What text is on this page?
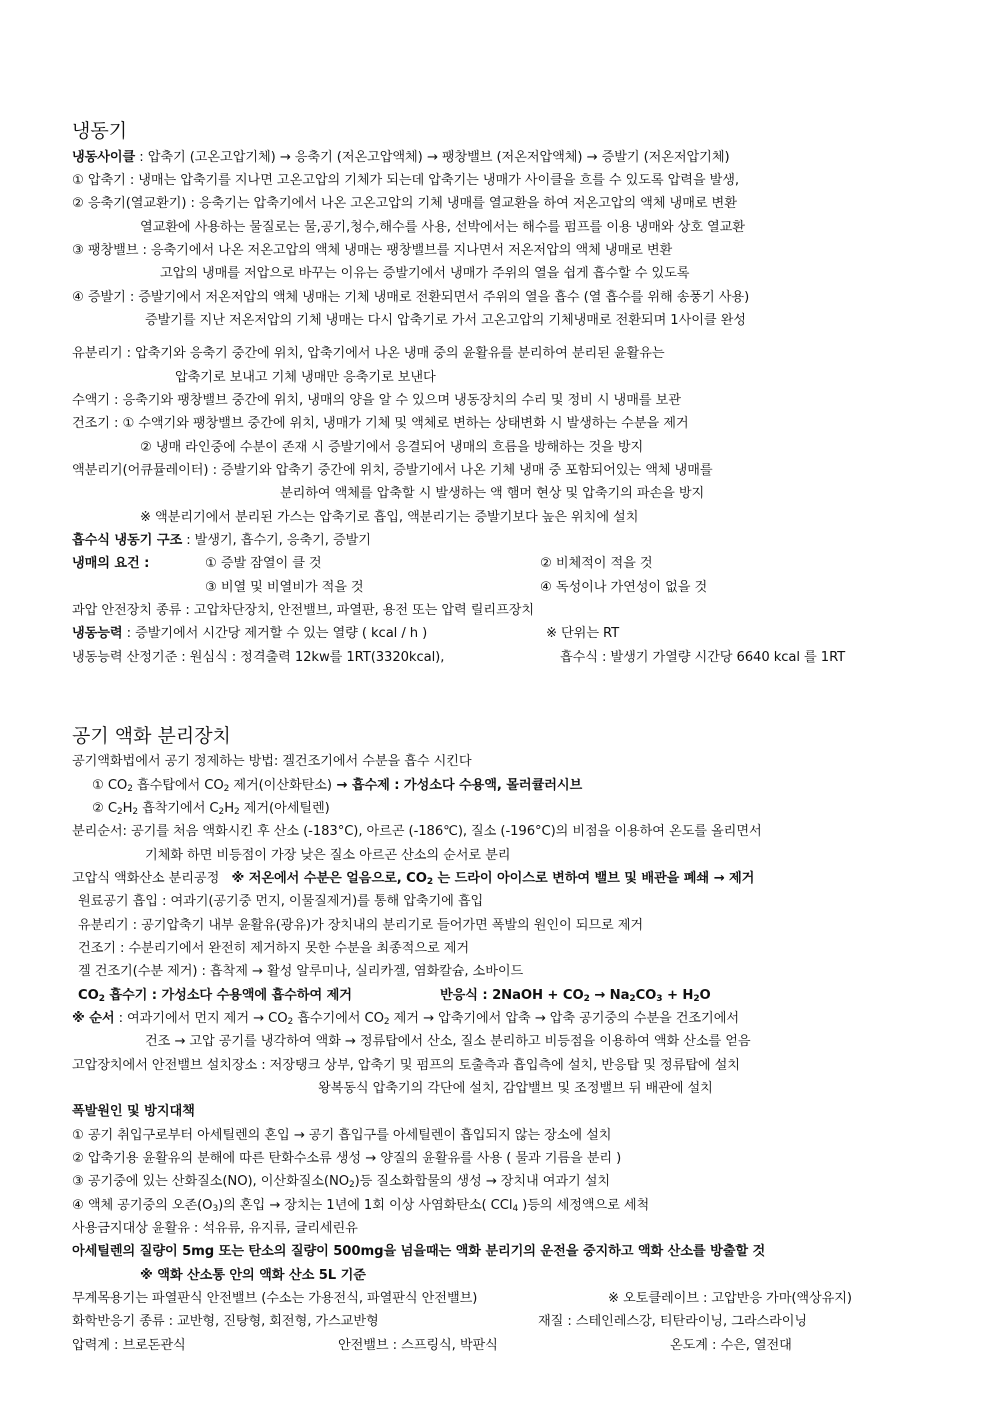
냉동기
냉동사이클 : 압축기 (고온고압기체) → 응축기 (저온고압액체) → 팽창밸브 (저온저압액체) → 증발기 (저온저압기체)
① 압축기 : 냉매는 압축기를 지나면 고온고압의 기체가 되는데 압축기는 냉매가 사이클을 흐를 수 있도록 압력을 발생,
② 응축기(열교환기) : 응축기는 압축기에서 나온 고온고압의 기체 냉매를 열교환을 하여 저온고압의 액체 냉매로 변환
열교환에 사용하는 물질로는 물,공기,청수,해수를 사용, 선박에서는 해수를 펌프를 이용 냉매와 상호 열교환
③ 팽창밸브 : 응축기에서 나온 저온고압의 액체 냉매는 팽창밸브를 지나면서 저온저압의 액체 냉매로 변환
고압의 냉매를 저압으로 바꾸는 이유는 증발기에서 냉매가 주위의 열을 쉽게 흡수할 수 있도록
④ 증발기 : 증발기에서 저온저압의 액체 냉매는 기체 냉매로 전환되면서 주위의 열을 흡수 (열 흡수를 위해 송풍기 사용)
증발기를 지난 저온저압의 기체 냉매는 다시 압축기로 가서 고온고압의 기체냉매로 전환되며 1사이클 완성
유분리기 : 압축기와 응축기 중간에 위치, 압축기에서 나온 냉매 중의 윤활유를 분리하여 분리된 윤활유는
압축기로 보내고 기체 냉매만 응축기로 보낸다
수액기 : 응축기와 팽창밸브 중간에 위치, 냉매의 양을 알 수 있으며 냉동장치의 수리 및 정비 시 냉매를 보관
건조기 : ① 수액기와 팽창밸브 중간에 위치, 냉매가 기체 및 액체로 변하는 상태변화 시 발생하는 수분을 제거
② 냉매 라인중에 수분이 존재 시 증발기에서 응결되어 냉매의 흐름을 방해하는 것을 방지
액분리기(어큐뮬레이터) : 증발기와 압축기 중간에 위치, 증발기에서 나온 기체 냉매 중 포함되어있는 액체 냉매를
분리하여 액체를 압축할 시 발생하는 액 햄머 현상 및 압축기의 파손을 방지
※ 액분리기에서 분리된 가스는 압축기로 흡입, 액분리기는 증발기보다 높은 위치에 설치
흡수식 냉동기 구조 : 발생기, 흡수기, 응축기, 증발기
냉매의 요건 :	① 증발 잠열이 클 것	② 비체적이 적을 것
③ 비열 및 비열비가 적을 것	④ 독성이나 가연성이 없을 것
과압 안전장치 종류 : 고압차단장치, 안전밸브, 파열판, 용전 또는 압력 릴리프장치
냉동능력 : 증발기에서 시간당 제거할 수 있는 열량 ( kcal / h )	※ 단위는 RT
냉동능력 산정기준 : 원심식 : 정격출력 12kw를 1RT(3320kcal),	흡수식 : 발생기 가열량 시간당 6640 kcal 를 1RT
공기 액화 분리장치
공기액화법에서 공기 정제하는 방법: 겔건조기에서 수분을 흡수 시킨다
① $CO_2$ 흡수탑에서 $CO_2$ 제거(이산화탄소) → 흡수제 : 가성소다 수용액, 몰러큘러시브
② $C_2H_2$ 흡착기에서 $C_2H_2$ 제거(아세틸렌)
분리순서: 공기를 처음 액화시킨 후 산소 (-183°C), 아르곤 (-186℃), 질소 (-196°C)의 비점을 이용하여 온도를 올리면서
기체화 하면 비등점이 가장 낮은 질소 아르곤 산소의 순서로 분리
고압식 액화산소 분리공정 ※ 저온에서 수분은 얼음으로, $CO_2$ 는 드라이 아이스로 변하여 밸브 및 배관을 폐쇄 → 제거
원료공기 흡입 : 여과기(공기중 먼지, 이물질제거)를 통해 압축기에 흡입
유분리기 : 공기압축기 내부 윤활유(광유)가 장치내의 분리기로 들어가면 폭발의 원인이 되므로 제거
건조기 : 수분리기에서 완전히 제거하지 못한 수분을 최종적으로 제거
겔 건조기(수분 제거) : 흡착제 → 활성 알루미나, 실리카겔, 염화칼슘, 소바이드
$CO_2$ 흡수기 : 가성소다 수용액에 흡수하여 제거	반응식 : 2NaOH + $CO_2 \to Na_2CO_3 + H_2O$
※ 순서 : 여과기에서 먼지 제거 → $CO_2$ 흡수기에서 $CO_2$ 제거 → 압축기에서 압축 → 압축 공기중의 수분을 건조기에서
건조 → 고압 공기를 냉각하여 액화 → 정류탑에서 산소, 질소 분리하고 비등점을 이용하여 액화 산소를 얻음
고압장치에서 안전밸브 설치장소 : 저장탱크 상부, 압축기 및 펌프의 토출측과 흡입측에 설치, 반응탑 및 정류탑에 설치
왕복동식 압축기의 각단에 설치, 감압밸브 및 조정밸브 뒤 배관에 설치
폭발원인 및 방지대책
① 공기 취입구로부터 아세틸렌의 혼입 → 공기 흡입구를 아세틸렌이 흡입되지 않는 장소에 설치
② 압축기용 윤활유의 분해에 따른 탄화수소류 생성 → 양질의 윤활유를 사용 ( 물과 기름을 분리 )
③ 공기중에 있는 산화질소(NO), 이산화질소$(NO_2)$등 질소화합물의 생성 → 장치내 여과기 설치
④ 액체 공기중의 오존$(O_3)$의 혼입 → 장치는 1년에 1회 이상 사염화탄소( CCl$_4$ )등의 세정액으로 세척
사용금지대상 윤활유 : 석유류, 유지류, 글리세린유
아세틸렌의 질량이 5mg 또는 탄소의 질량이 500mg을 넘을때는 액화 분리기의 운전을 중지하고 액화 산소를 방출할 것
※ 액화 산소통 안의 액화 산소 5L 기준
무계목용기는 파열판식 안전밸브 (수소는 가용전식, 파열판식 안전밸브)	※ 오토클레이브 : 고압반응 가마(액상유지)
화학반응기 종류 : 교반형, 진탕형, 회전형, 가스교반형	재질 : 스테인레스강, 티탄라이닝, 그라스라이닝
압력계 : 브로돈관식	안전밸브 : 스프링식, 박판식	온도계 : 수은, 열전대
